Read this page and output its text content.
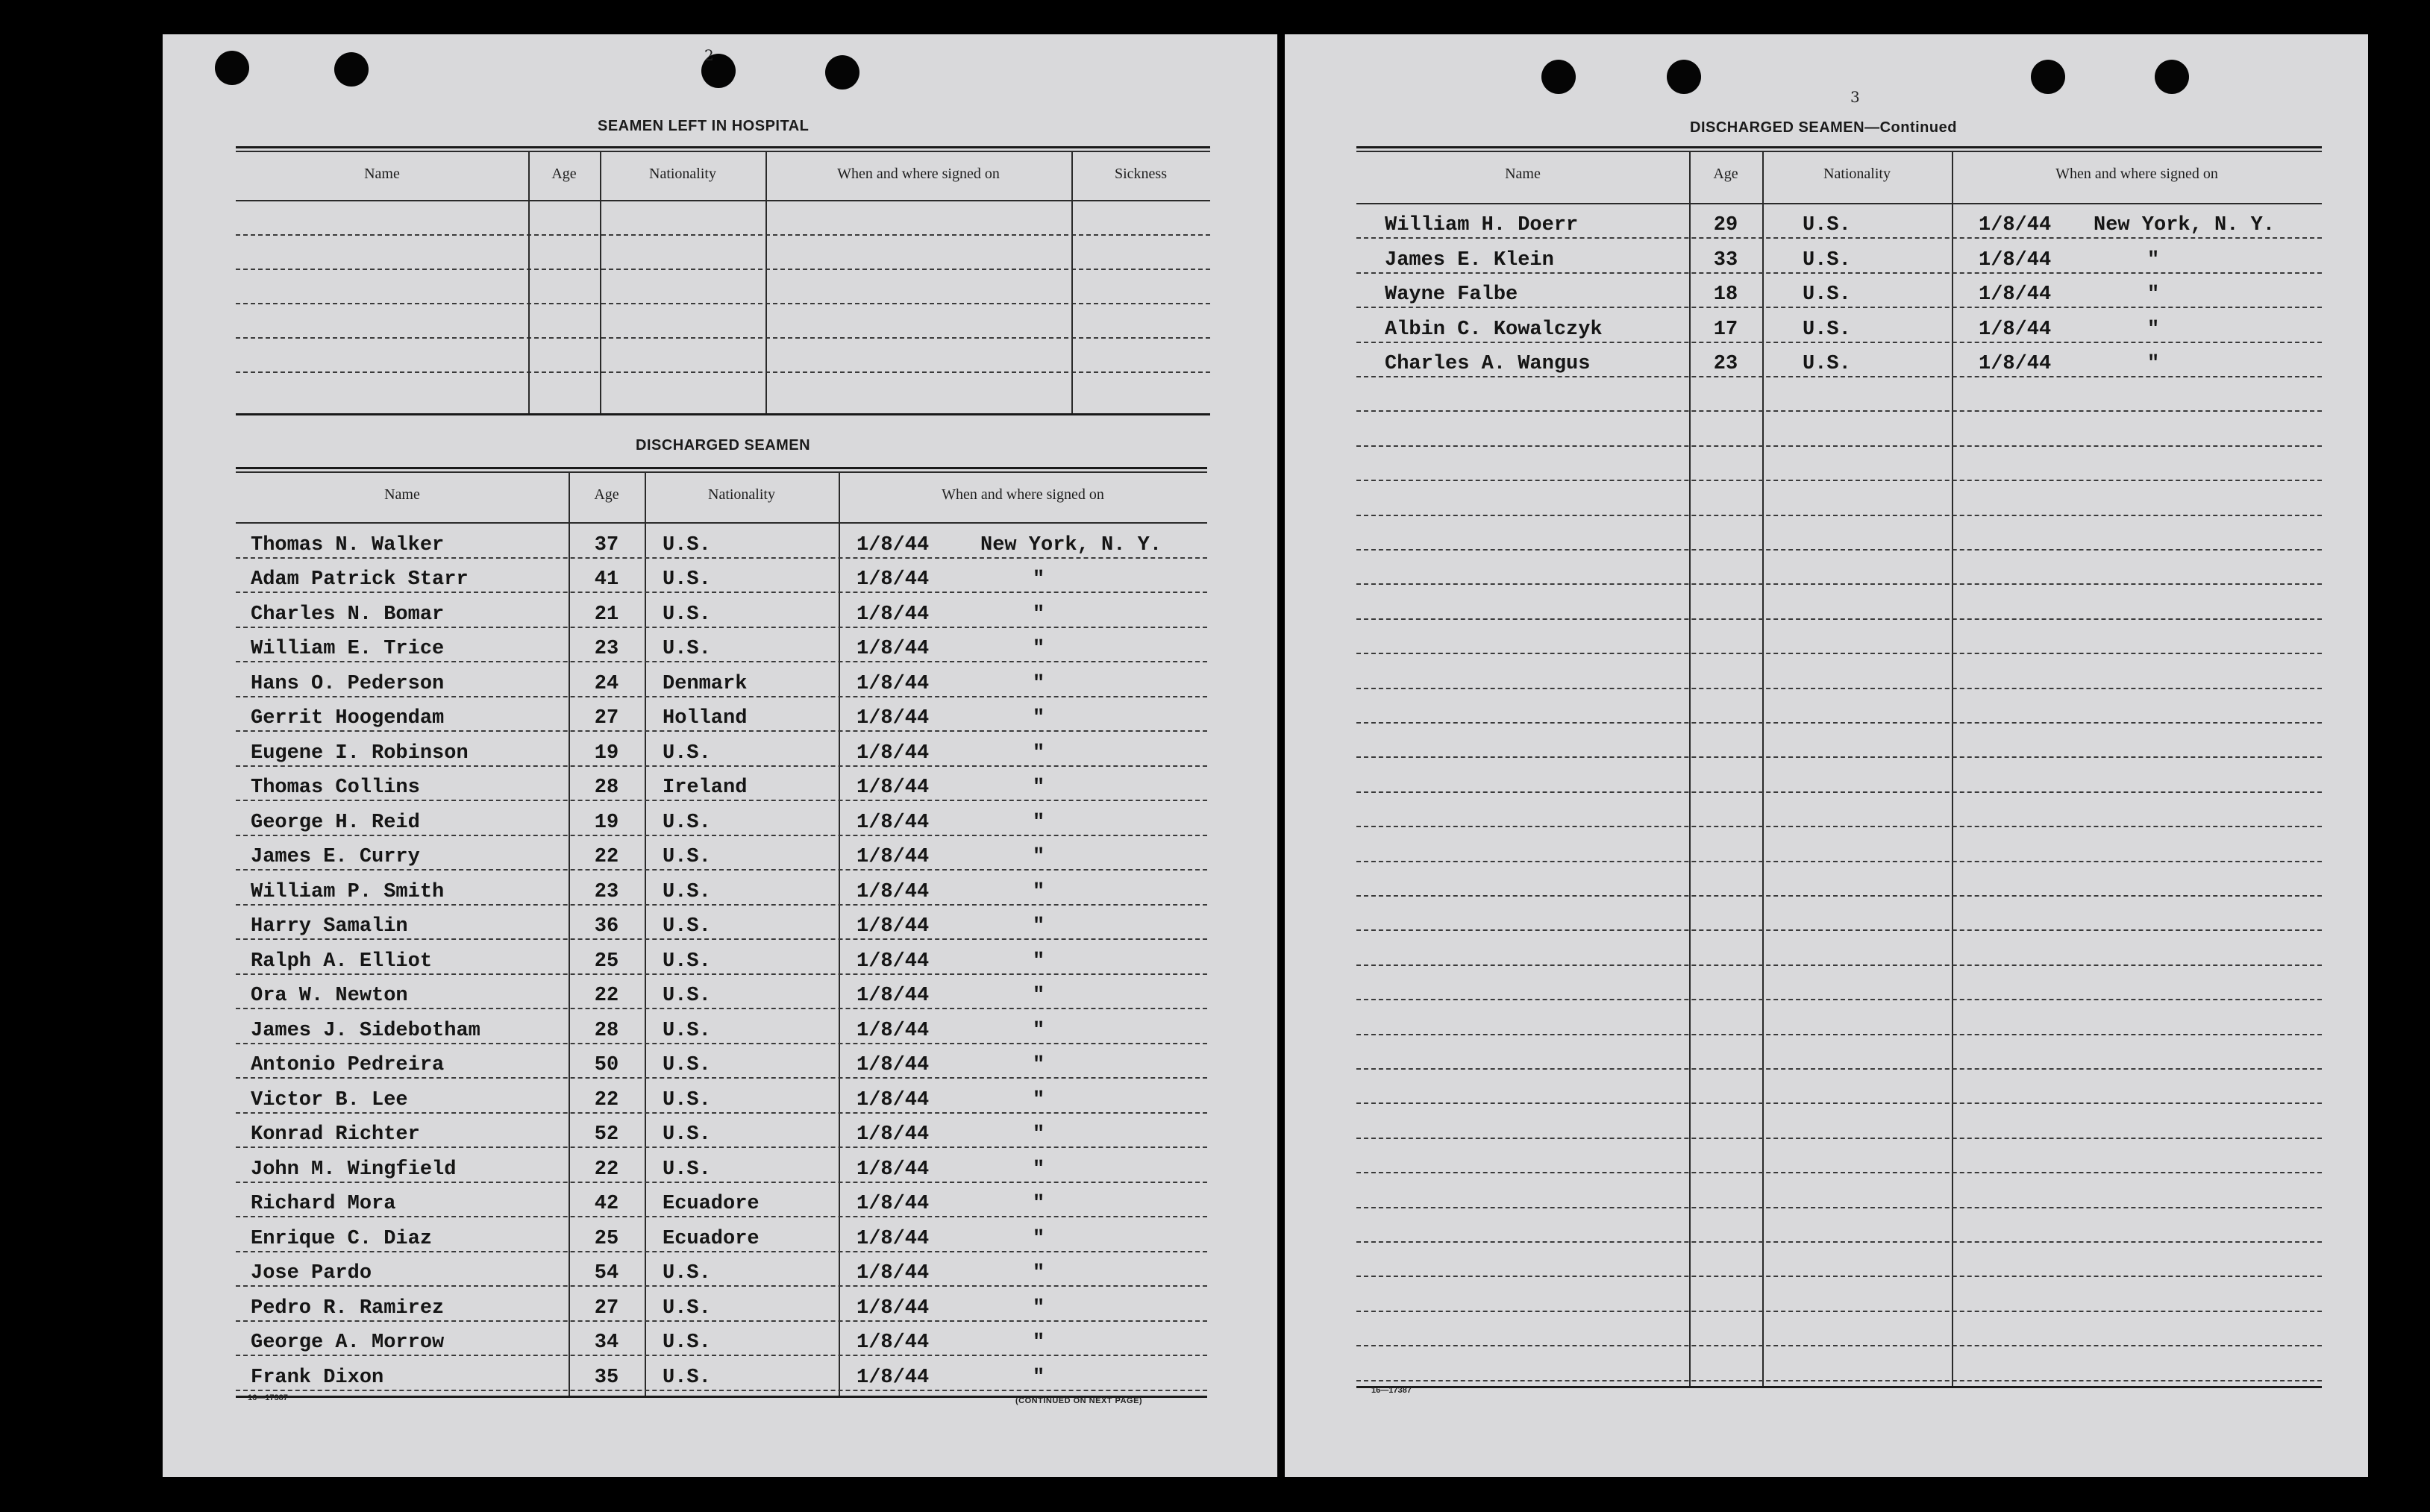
2
SEAMEN LEFT IN HOSPITAL
Name	Age	Nationality	When and where signed on	Sickness
DISCHARGED SEAMEN
Name	Age	Nationality	When and where signed on
Thomas N. Walker	37	U.S.	1/8/44	New York, N. Y.
Adam Patrick Starr	41	U.S.	1/8/44	"
Charles N. Bomar	21	U.S.	1/8/44	"
William E. Trice	23	U.S.	1/8/44	"
Hans O. Pederson	24	Denmark	1/8/44	"
Gerrit Hoogendam	27	Holland	1/8/44	"
Eugene I. Robinson	19	U.S.	1/8/44	"
Thomas Collins	28	Ireland	1/8/44	"
George H. Reid	19	U.S.	1/8/44	"
James E. Curry	22	U.S.	1/8/44	"
William P. Smith	23	U.S.	1/8/44	"
Harry Samalin	36	U.S.	1/8/44	"
Ralph A. Elliot	25	U.S.	1/8/44	"
Ora W. Newton	22	U.S.	1/8/44	"
James J. Sidebotham	28	U.S.	1/8/44	"
Antonio Pedreira	50	U.S.	1/8/44	"
Victor B. Lee	22	U.S.	1/8/44	"
Konrad Richter	52	U.S.	1/8/44	"
John M. Wingfield	22	U.S.	1/8/44	"
Richard Mora	42	Ecuadore	1/8/44	"
Enrique C. Diaz	25	Ecuadore	1/8/44	"
Jose Pardo	54	U.S.	1/8/44	"
Pedro R. Ramirez	27	U.S.	1/8/44	"
George A. Morrow	34	U.S.	1/8/44	"
Frank Dixon	35	U.S.	1/8/44	"
16—17387	(CONTINUED ON NEXT PAGE)
3
DISCHARGED SEAMEN—Continued
Name	Age	Nationality	When and where signed on
William H. Doerr	29	U.S.	1/8/44 New York, N. Y.
James E. Klein	33	U.S.	1/8/44	"
Wayne Falbe	18	U.S.	1/8/44	"
Albin C. Kowalczyk	17	U.S.	1/8/44	"
Charles A. Wangus	23	U.S.	1/8/44	"
16—17387
